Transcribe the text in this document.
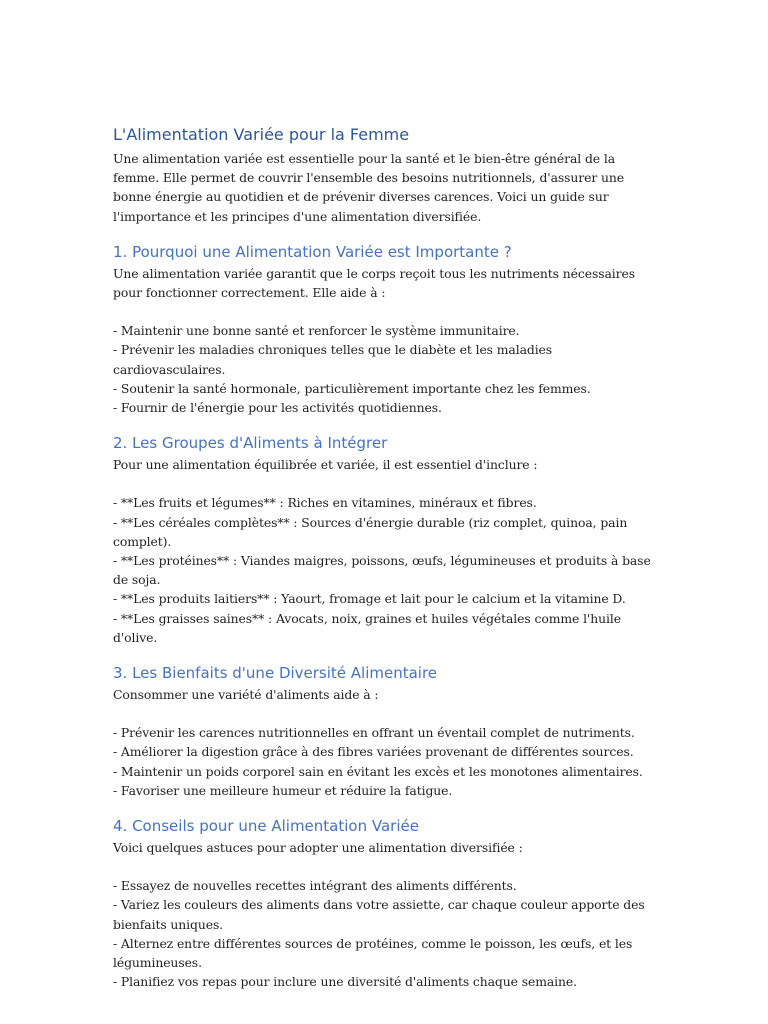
L'Alimentation Variée pour la Femme

Une alimentation variée est essentielle pour la santé et le bien-être général de la femme. Elle permet de couvrir l'ensemble des besoins nutritionnels, d'assurer une bonne énergie au quotidien et de prévenir diverses carences. Voici un guide sur l'importance et les principes d'une alimentation diversifiée.

1. Pourquoi une Alimentation Variée est Importante ?

Une alimentation variée garantit que le corps reçoit tous les nutriments nécessaires pour fonctionner correctement. Elle aide à :

- Maintenir une bonne santé et renforcer le système immunitaire.
- Prévenir les maladies chroniques telles que le diabète et les maladies cardiovasculaires.
- Soutenir la santé hormonale, particulièrement importante chez les femmes.
- Fournir de l'énergie pour les activités quotidiennes.
2. Les Groupes d'Aliments à Intégrer

Pour une alimentation équilibrée et variée, il est essentiel d'inclure :

- **Les fruits et légumes** : Riches en vitamines, minéraux et fibres.
- **Les céréales complètes** : Sources d'énergie durable (riz complet, quinoa, pain complet).
- **Les protéines** : Viandes maigres, poissons, œufs, légumineuses et produits à base de soja.
- **Les produits laitiers** : Yaourt, fromage et lait pour le calcium et la vitamine D.
- **Les graisses saines** : Avocats, noix, graines et huiles végétales comme l'huile d'olive.
3. Les Bienfaits d'une Diversité Alimentaire

Consommer une variété d'aliments aide à :

- Prévenir les carences nutritionnelles en offrant un éventail complet de nutriments.
- Améliorer la digestion grâce à des fibres variées provenant de différentes sources.
- Maintenir un poids corporel sain en évitant les excès et les monotones alimentaires.
- Favoriser une meilleure humeur et réduire la fatigue.
4. Conseils pour une Alimentation Variée

Voici quelques astuces pour adopter une alimentation diversifiée :

- Essayez de nouvelles recettes intégrant des aliments différents.
- Variez les couleurs des aliments dans votre assiette, car chaque couleur apporte des bienfaits uniques.
- Alternez entre différentes sources de protéines, comme le poisson, les œufs, et les légumineuses.
- Planifiez vos repas pour inclure une diversité d'aliments chaque semaine.
